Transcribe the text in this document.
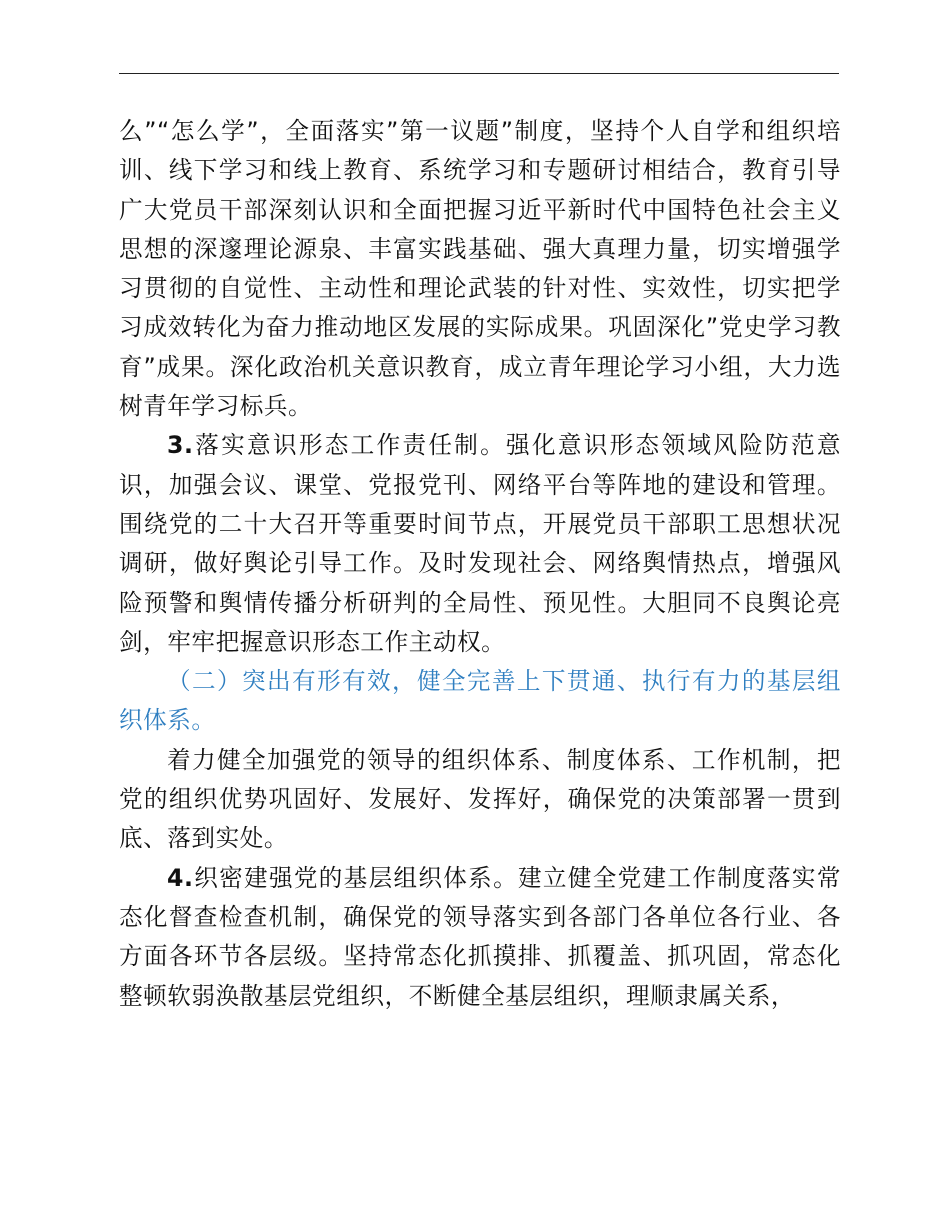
么”“怎么学”，全面落实”第一议题”制度，坚持个人自学和组织培训、线下学习和线上教育、系统学习和专题研讨相结合，教育引导广大党员干部深刻认识和全面把握习近平新时代中国特色社会主义思想的深邃理论源泉、丰富实践基础、强大真理力量，切实增强学习贯彻的自觉性、主动性和理论武装的针对性、实效性，切实把学习成效转化为奋力推动地区发展的实际成果。巩固深化”党史学习教育”成果。深化政治机关意识教育，成立青年理论学习小组，大力选树青年学习标兵。

3.落实意识形态工作责任制。强化意识形态领域风险防范意识，加强会议、课堂、党报党刊、网络平台等阵地的建设和管理。围绕党的二十大召开等重要时间节点，开展党员干部职工思想状况调研，做好舆论引导工作。及时发现社会、网络舆情热点，增强风险预警和舆情传播分析研判的全局性、预见性。大胆同不良舆论亮剑，牢牢把握意识形态工作主动权。

（二）突出有形有效，健全完善上下贯通、执行有力的基层组织体系。

着力健全加强党的领导的组织体系、制度体系、工作机制，把党的组织优势巩固好、发展好、发挥好，确保党的决策部署一贯到底、落到实处。

4.织密建强党的基层组织体系。建立健全党建工作制度落实常态化督查检查机制，确保党的领导落实到各部门各单位各行业、各方面各环节各层级。坚持常态化抓摸排、抓覆盖、抓巩固，常态化整顿软弱涣散基层党组织，不断健全基层组织，理顺隶属关系，
